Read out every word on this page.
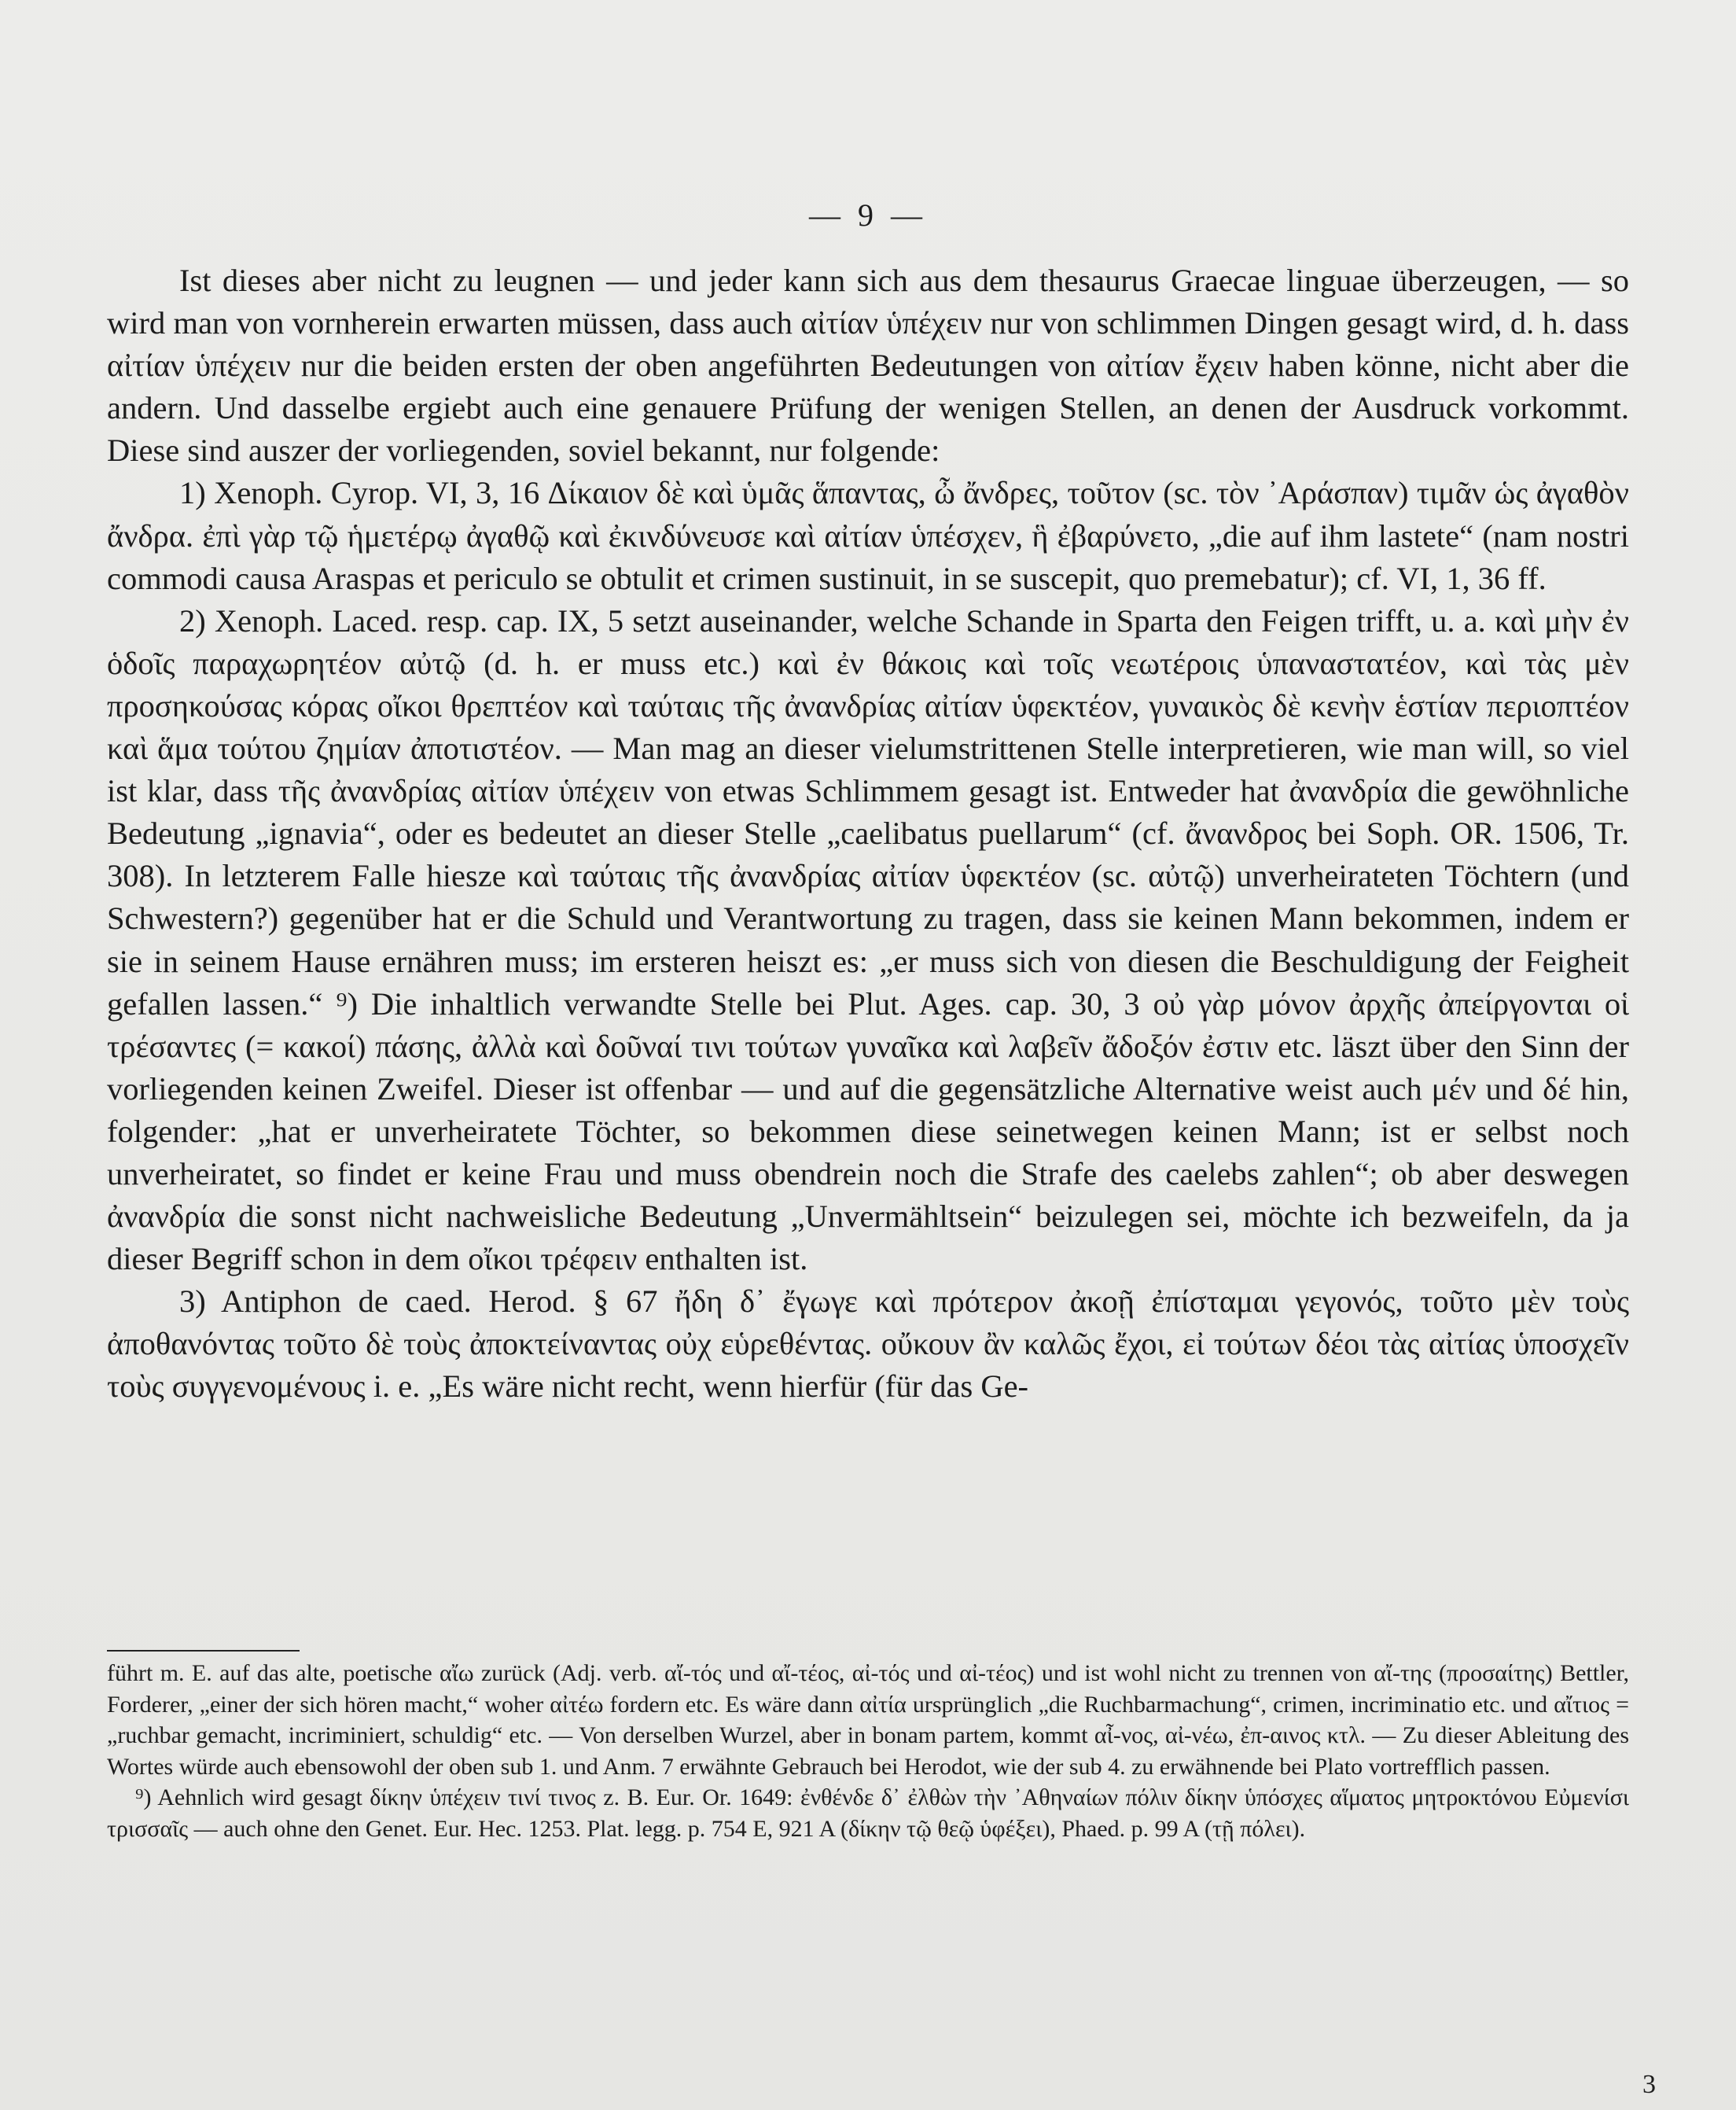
— 9 —

Ist dieses aber nicht zu leugnen — und jeder kann sich aus dem thesaurus Graecae linguae überzeugen, — so wird man von vornherein erwarten müssen, dass auch αἰτίαν ὑπέχειν nur von schlimmen Dingen gesagt wird, d. h. dass αἰτίαν ὑπέχειν nur die beiden ersten der oben angeführten Bedeutungen von αἰτίαν ἔχειν haben könne, nicht aber die andern. Und dasselbe ergiebt auch eine genauere Prüfung der wenigen Stellen, an denen der Ausdruck vorkommt. Diese sind auszer der vorliegenden, soviel bekannt, nur folgende:

1) Xenoph. Cyrop. VI, 3, 16 Δίκαιον δὲ καὶ ὑμᾶς ἅπαντας, ὦ ἄνδρες, τοῦτον (sc. τὸν ᾿Αράσπαν) τιμᾶν ὡς ἀγαθὸν ἄνδρα. ἐπὶ γὰρ τῷ ἡμετέρῳ ἀγαθῷ καὶ ἐκινδύνευσε καὶ αἰτίαν ὑπέσχεν, ἣ ἐβαρύνετο, „die auf ihm lastete“ (nam nostri commodi causa Araspas et periculo se obtulit et crimen sustinuit, in se suscepit, quo premebatur); cf. VI, 1, 36 ff.

2) Xenoph. Laced. resp. cap. IX, 5 setzt auseinander, welche Schande in Sparta den Feigen trifft, u. a. καὶ μὴν ἐν ὁδοῖς παραχωρητέον αὐτῷ (d. h. er muss etc.) καὶ ἐν θάκοις καὶ τοῖς νεωτέροις ὑπαναστατέον, καὶ τὰς μὲν προσηκούσας κόρας οἴκοι θρεπτέον καὶ ταύταις τῆς ἀνανδρίας αἰτίαν ὑφεκτέον, γυναικὸς δὲ κενὴν ἑστίαν περιοπτέον καὶ ἅμα τούτου ζημίαν ἀποτιστέον. — Man mag an dieser vielumstrittenen Stelle interpretieren, wie man will, so viel ist klar, dass τῆς ἀνανδρίας αἰτίαν ὑπέχειν von etwas Schlimmem gesagt ist. Entweder hat ἀνανδρία die gewöhnliche Bedeutung „ignavia“, oder es bedeutet an dieser Stelle „caelibatus puellarum“ (cf. ἄνανδρος bei Soph. OR. 1506, Tr. 308). In letzterem Falle hiesze καὶ ταύταις τῆς ἀνανδρίας αἰτίαν ὑφεκτέον (sc. αὐτῷ) unverheirateten Töchtern (und Schwestern?) gegenüber hat er die Schuld und Verantwortung zu tragen, dass sie keinen Mann bekommen, indem er sie in seinem Hause ernähren muss; im ersteren heiszt es: „er muss sich von diesen die Beschuldigung der Feigheit gefallen lassen.“ ⁹) Die inhaltlich verwandte Stelle bei Plut. Ages. cap. 30, 3 οὐ γὰρ μόνον ἀρχῆς ἀπείργονται οἱ τρέσαντες (= κακοί) πάσης, ἀλλὰ καὶ δοῦναί τινι τούτων γυναῖκα καὶ λαβεῖν ἄδοξόν ἐστιν etc. läszt über den Sinn der vorliegenden keinen Zweifel. Dieser ist offenbar — und auf die gegensätzliche Alternative weist auch μέν und δέ hin, folgender: „hat er unverheiratete Töchter, so bekommen diese seinetwegen keinen Mann; ist er selbst noch unverheiratet, so findet er keine Frau und muss obendrein noch die Strafe des caelebs zahlen“; ob aber deswegen ἀνανδρία die sonst nicht nachweisliche Bedeutung „Unvermähltsein“ beizulegen sei, möchte ich bezweifeln, da ja dieser Begriff schon in dem οἴκοι τρέφειν enthalten ist.

3) Antiphon de caed. Herod. § 67 ἤδη δ᾿ ἔγωγε καὶ πρότερον ἀκοῇ ἐπίσταμαι γεγονός, τοῦτο μὲν τοὺς ἀποθανόντας τοῦτο δὲ τοὺς ἀποκτείναντας οὐχ εὑρεθέντας. οὔκουν ἂν καλῶς ἔχοι, εἰ τούτων δέοι τὰς αἰτίας ὑποσχεῖν τοὺς συγγενομένους i. e. „Es wäre nicht recht, wenn hierfür (für das Ge-

führt m. E. auf das alte, poetische αἴω zurück (Adj. verb. αἴ-τός und αἴ-τέος, αἰ-τός und αἰ-τέος) und ist wohl nicht zu trennen von αἴ-της (προσαίτης) Bettler, Forderer, „einer der sich hören macht,“ woher αἰτέω fordern etc. Es wäre dann αἰτία ursprünglich „die Ruchbarmachung“, crimen, incriminatio etc. und αἴτιος = „ruchbar gemacht, incriminiert, schuldig“ etc. — Von derselben Wurzel, aber in bonam partem, kommt αἶ-νος, αἰ-νέω, ἐπ-αινος κτλ. — Zu dieser Ableitung des Wortes würde auch ebensowohl der oben sub 1. und Anm. 7 erwähnte Gebrauch bei Herodot, wie der sub 4. zu erwähnende bei Plato vortrefflich passen.

⁹) Aehnlich wird gesagt δίκην ὑπέχειν τινί τινος z. B. Eur. Or. 1649: ἐνθένδε δ᾿ ἐλθὼν τὴν ᾿Αθηναίων πόλιν δίκην ὑπόσχες αἵματος μητροκτόνου Εὐμενίσι τρισσαῖς — auch ohne den Genet. Eur. Hec. 1253. Plat. legg. p. 754 E, 921 A (δίκην τῷ θεῷ ὑφέξει), Phaed. p. 99 A (τῇ πόλει).

3
